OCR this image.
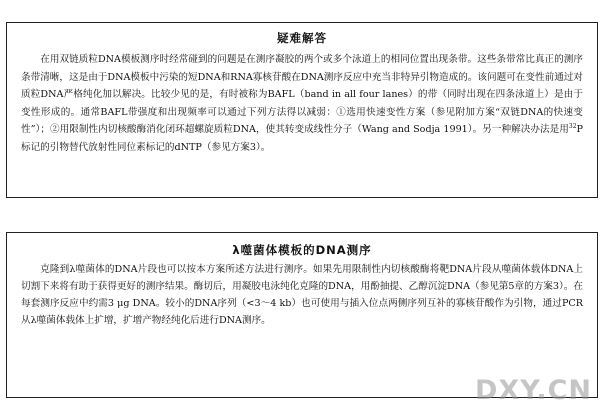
疑难解答

在用双链质粒DNA模板测序时经常碰到的问题是在测序凝胶的两个或多个泳道上的相同位置出现条带。这些条带常比真正的测序条带清晰，这是由于DNA模板中污染的短DNA和RNA寡核苷酸在DNA测序反应中充当非特异引物造成的。该问题可在变性前通过对质粒DNA严格纯化加以解决。比较少见的是，有时被称为BAFL（band in all four lanes）的带（同时出现在四条泳道上）是由于变性形成的。通常BAFL带强度和出现频率可以通过下列方法得以减弱：①选用快速变性方案（参见附加方案“双链DNA的快速变性”）；②用限制性内切核酸酶消化闭环超螺旋质粒DNA，使其转变成线性分子（Wang and Sodja 1991）。另一种解决办法是用$^{32}$P标记的引物替代放射性同位素标记的dNTP（参见方案3）。

λ噬菌体模板的DNA测序

克隆到λ噬菌体的DNA片段也可以按本方案所述方法进行测序。如果先用限制性内切核酸酶将靶DNA片段从噬菌体载体DNA上切割下来将有助于获得更好的测序结果。酶切后，用凝胶电泳纯化克隆的DNA，用酚抽提、乙醇沉淀DNA（参见第5章的方案3）。在每套测序反应中约需3 μg DNA。较小的DNA序列（<3～4 kb）也可使用与插入位点两侧序列互补的寡核苷酸作为引物，通过PCR从λ噬菌体载体上扩增，扩增产物经纯化后进行DNA测序。

DXY.CN
